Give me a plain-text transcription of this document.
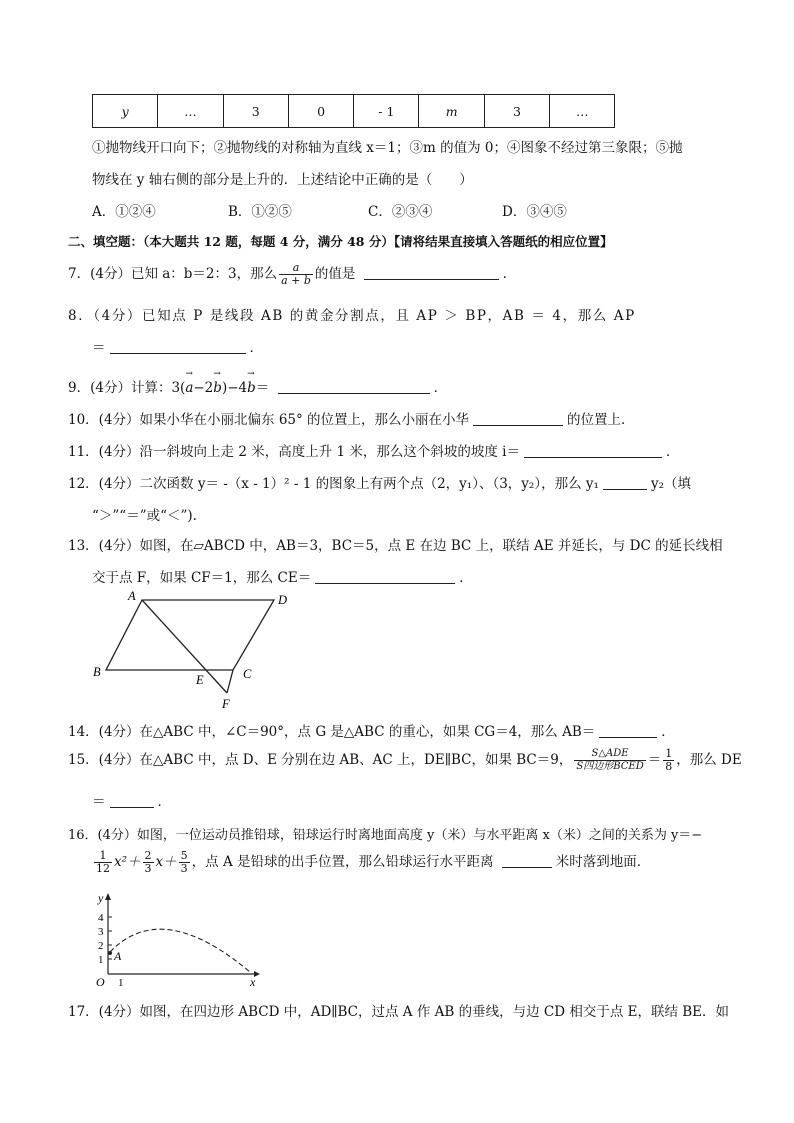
y	…	3	0	- 1	m	3	…
①抛物线开口向下；②抛物线的对称轴为直线 x＝1；③m 的值为 0；④图象不经过第三象限；⑤抛
物线在 y 轴右侧的部分是上升的．上述结论中正确的是（　　）
A．①②④	B．①②⑤	C．②③④	D．③④⑤
二、填空题：（本大题共 12 题，每题 4 分，满分 48 分）【请将结果直接填入答题纸的相应位置】
7．(4分）已知 a：b＝2：3，那么 $\frac{a}{a + b}$ 的值是	．
8．（4分）已知点 P 是线段 AB 的黄金分割点，且 AP ＞ BP，AB ＝ 4，那么 AP
＝	．
9．(4分）计算：3(→ a−2→ b)−4→ b＝	．
10．(4分）如果小华在小丽北偏东 65° 的位置上，那么小丽在小华	的位置上．
11．(4分）沿一斜坡向上走 2 米，高度上升 1 米，那么这个斜坡的坡度 i＝	．
12．(4分）二次函数 y＝ -（x - 1）² - 1 的图象上有两个点（2，y₁）、（3，y₂），那么 y₁	y₂（填
“＞”“＝”或“＜”).
13．(4分）如图，在▱ABCD 中，AB＝3，BC＝5，点 E 在边 BC 上，联结 AE 并延长，与 DC 的延长线相
交于点 F，如果 CF＝1，那么 CE＝	．
A	D
B	C
E
F
14．(4分）在△ABC 中，∠C＝90°，点 G 是△ABC 的重心，如果 CG＝4，那么 AB＝	．
15．(4分）在△ABC 中，点 D、E 分别在边 AB、AC 上，DE∥BC，如果 BC＝9， $\frac{\text{S△ADE}}{\text{S四边形BCED}} = \frac{1}{8}$ ，那么 DE
＝	．
16．(4分）如图，一位运动员推铅球，铅球运行时离地面高度 y（米）与水平距离 x（米）之间的关系为 y＝−
$\frac{1}{12} x^2+ \frac{2}{3} x+ \frac{5}{3}$ ，点 A 是铅球的出手位置，那么铅球运行水平距离	米时落到地面．
y
x
O
4
3
2
1
1
A
17．(4分）如图，在四边形 ABCD 中，AD∥BC，过点 A 作 AB 的垂线，与边 CD 相交于点 E，联结 BE．如
